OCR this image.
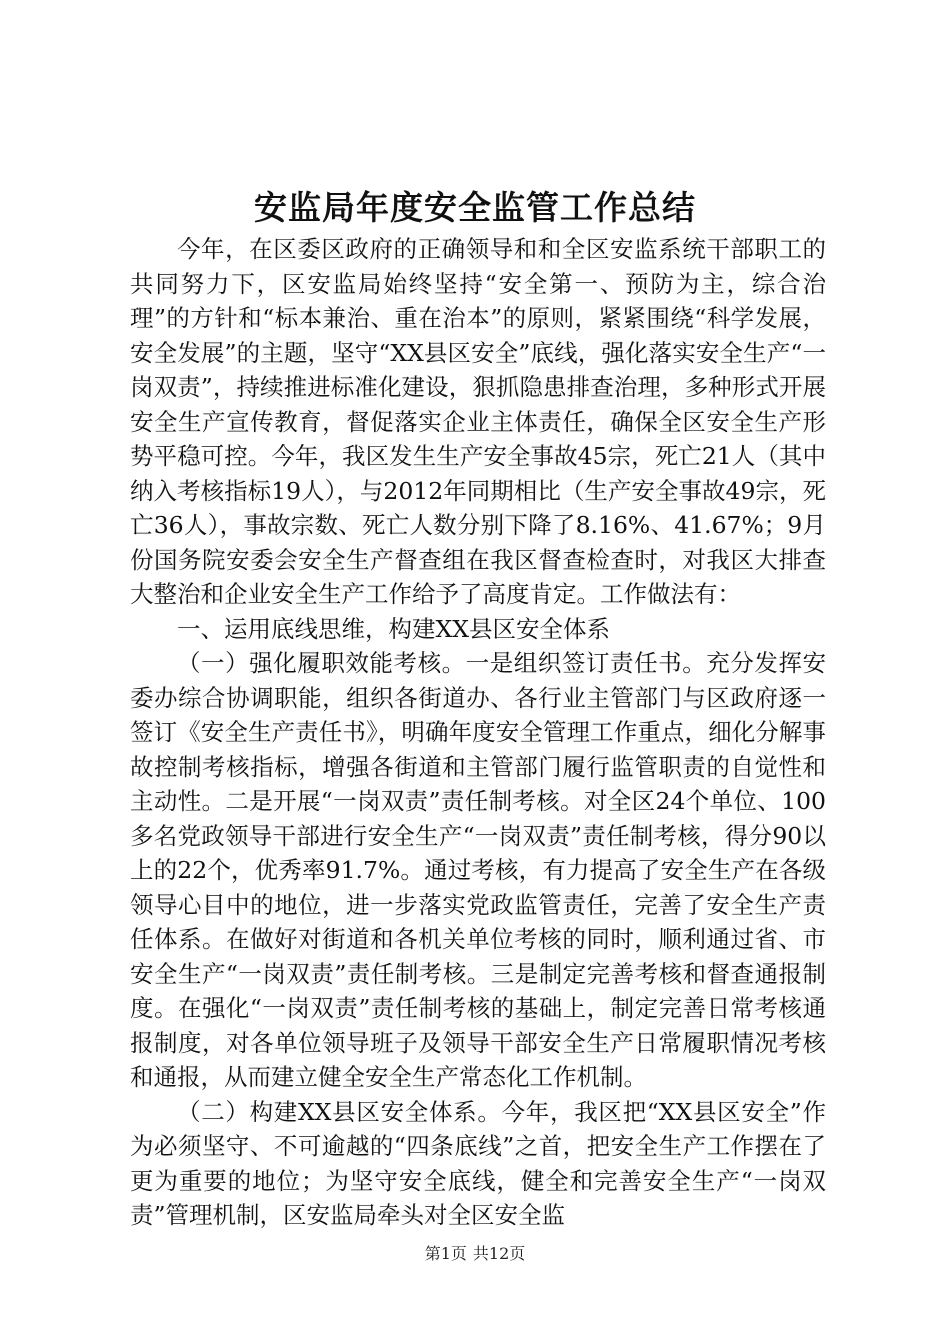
安监局年度安全监管工作总结

今年，在区委区政府的正确领导和和全区安监系统干部职工的共同努力下，区安监局始终坚持“安全第一、预防为主，综合治理”的方针和“标本兼治、重在治本”的原则，紧紧围绕“科学发展，安全发展”的主题，坚守“XX县区安全”底线，强化落实安全生产“一岗双责”，持续推进标准化建设，狠抓隐患排查治理，多种形式开展安全生产宣传教育，督促落实企业主体责任，确保全区安全生产形势平稳可控。今年，我区发生生产安全事故45宗，死亡21人（其中纳入考核指标19人），与2012年同期相比（生产安全事故49宗，死亡36人），事故宗数、死亡人数分别下降了8.16%、41.67%；9月份国务院安委会安全生产督查组在我区督查检查时，对我区大排查大整治和企业安全生产工作给予了高度肯定。工作做法有：

一、运用底线思维，构建XX县区安全体系

（一）强化履职效能考核。一是组织签订责任书。充分发挥安委办综合协调职能，组织各街道办、各行业主管部门与区政府逐一签订《安全生产责任书》，明确年度安全管理工作重点，细化分解事故控制考核指标，增强各街道和主管部门履行监管职责的自觉性和主动性。二是开展“一岗双责”责任制考核。对全区24个单位、100多名党政领导干部进行安全生产“一岗双责”责任制考核，得分90以上的22个，优秀率91.7%。通过考核，有力提高了安全生产在各级领导心目中的地位，进一步落实党政监管责任，完善了安全生产责任体系。在做好对街道和各机关单位考核的同时，顺利通过省、市安全生产“一岗双责”责任制考核。三是制定完善考核和督查通报制度。在强化“一岗双责”责任制考核的基础上，制定完善日常考核通报制度，对各单位领导班子及领导干部安全生产日常履职情况考核和通报，从而建立健全安全生产常态化工作机制。

（二）构建XX县区安全体系。今年，我区把“XX县区安全”作为必须坚守、不可逾越的“四条底线”之首，把安全生产工作摆在了更为重要的地位；为坚守安全底线，健全和完善安全生产“一岗双责”管理机制，区安监局牵头对全区安全监

第1页 共12页
